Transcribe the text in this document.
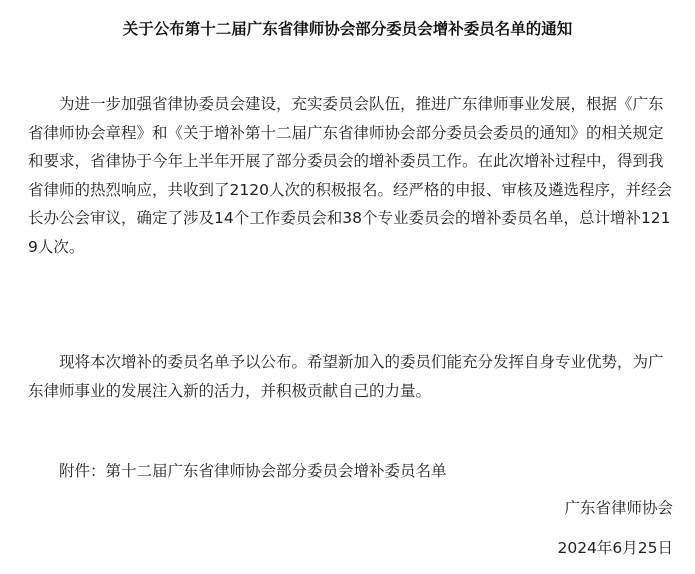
关于公布第十二届广东省律师协会部分委员会增补委员名单的通知

为进一步加强省律协委员会建设，充实委员会队伍，推进广东律师事业发展，根据《广东省律师协会章程》和《关于增补第十二届广东省律师协会部分委员会委员的通知》的相关规定和要求，省律协于今年上半年开展了部分委员会的增补委员工作。在此次增补过程中，得到我省律师的热烈响应，共收到了2120人次的积极报名。经严格的申报、审核及遴选程序，并经会长办公会审议，确定了涉及14个工作委员会和38个专业委员会的增补委员名单，总计增补1219人次。

现将本次增补的委员名单予以公布。希望新加入的委员们能充分发挥自身专业优势，为广东律师事业的发展注入新的活力，并积极贡献自己的力量。

附件：第十二届广东省律师协会部分委员会增补委员名单

广东省律师协会
2024年6月25日
